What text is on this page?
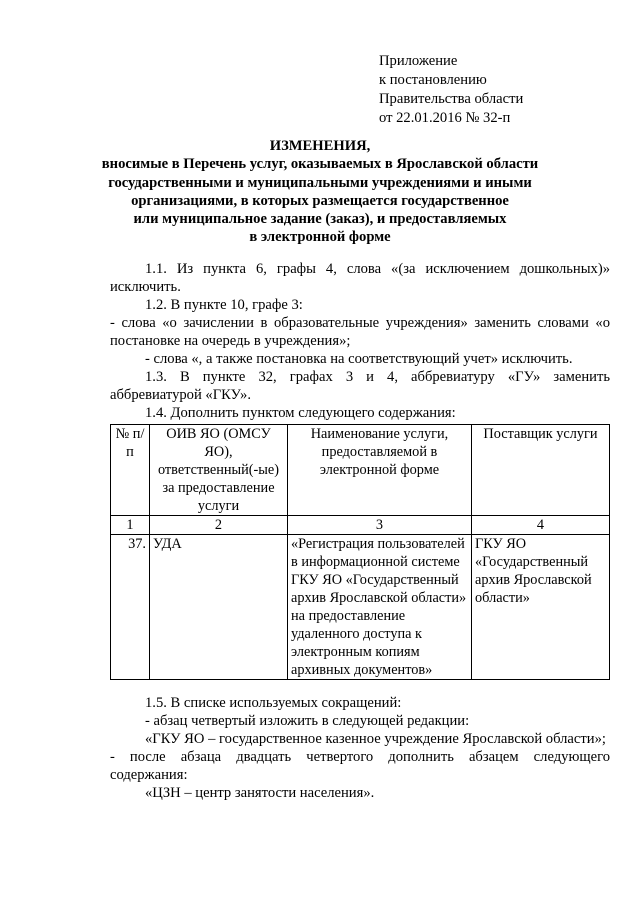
Приложение
к постановлению
Правительства области
от 22.01.2016 № 32-п
ИЗМЕНЕНИЯ,
вносимые в Перечень услуг, оказываемых в Ярославской области
государственными и муниципальными учреждениями и иными
организациями, в которых размещается государственное
или муниципальное задание (заказ), и предоставляемых
в электронной форме

1.1. Из пункта 6, графы 4, слова «(за исключением дошкольных)» исключить.

1.2. В пункте 10, графе 3:

- слова «о зачислении в образовательные учреждения» заменить словами «о постановке на очередь в учреждения»;

- слова «, а также постановка на соответствующий учет» исключить.

1.3. В пункте 32, графах 3 и 4, аббревиатуру «ГУ» заменить аббревиатурой «ГКУ».

1.4. Дополнить пунктом следующего содержания:

№ п/п	ОИВ ЯО (ОМСУ ЯО), ответственный(-ые) за предоставление услуги	Наименование услуги, предоставляемой в электронной форме	Поставщик услуги
1	2	3	4
37.	УДА	«Регистрация пользователей в информационной системе ГКУ ЯО «Государственный архив Ярославской области» на предоставление удаленного доступа к электронным копиям архивных документов»	ГКУ ЯО «Государственный архив Ярославской области»

1.5. В списке используемых сокращений:

- абзац четвертый изложить в следующей редакции:

«ГКУ ЯО – государственное казенное учреждение Ярославской области»;

- после абзаца двадцать четвертого дополнить абзацем следующего содержания:

«ЦЗН – центр занятости населения».
